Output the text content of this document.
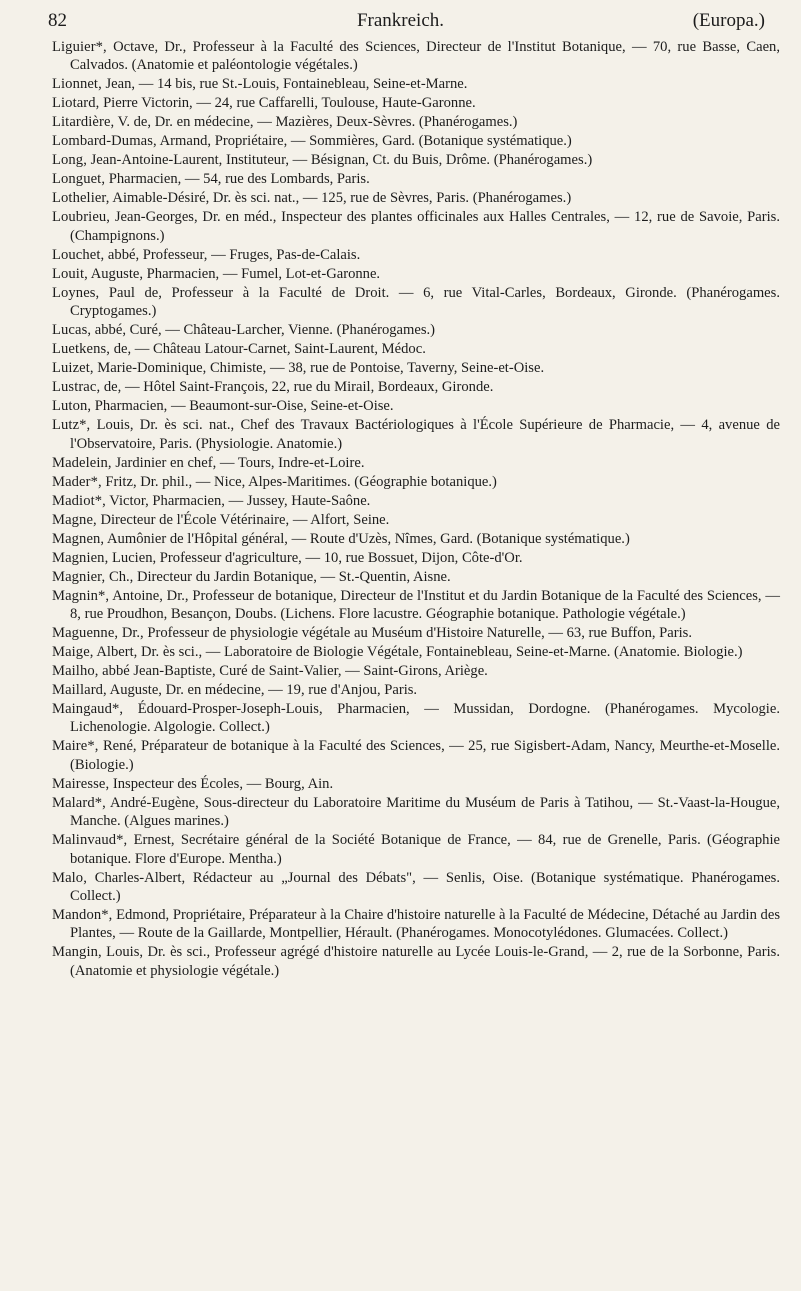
82	Frankreich.	(Europa.)

Liguier*, Octave, Dr., Professeur à la Faculté des Sciences, Directeur de l'Institut Botanique, — 70, rue Basse, Caen, Calvados. (Anatomie et paléontologie végétales.)

Lionnet, Jean, — 14 bis, rue St.-Louis, Fontainebleau, Seine-et-Marne.

Liotard, Pierre Victorin, — 24, rue Caffarelli, Toulouse, Haute-Garonne.

Litardière, V. de, Dr. en médecine, — Mazières, Deux-Sèvres. (Phanérogames.)

Lombard-Dumas, Armand, Propriétaire, — Sommières, Gard. (Botanique systématique.)

Long, Jean-Antoine-Laurent, Instituteur, — Bésignan, Ct. du Buis, Drôme. (Phanérogames.)

Longuet, Pharmacien, — 54, rue des Lombards, Paris.

Lothelier, Aimable-Désiré, Dr. ès sci. nat., — 125, rue de Sèvres, Paris. (Phanérogames.)

Loubrieu, Jean-Georges, Dr. en méd., Inspecteur des plantes officinales aux Halles Centrales, — 12, rue de Savoie, Paris. (Champignons.)

Louchet, abbé, Professeur, — Fruges, Pas-de-Calais.

Louit, Auguste, Pharmacien, — Fumel, Lot-et-Garonne.

Loynes, Paul de, Professeur à la Faculté de Droit. — 6, rue Vital-Carles, Bordeaux, Gironde. (Phanérogames. Cryptogames.)

Lucas, abbé, Curé, — Château-Larcher, Vienne. (Phanérogames.)

Luetkens, de, — Château Latour-Carnet, Saint-Laurent, Médoc.

Luizet, Marie-Dominique, Chimiste, — 38, rue de Pontoise, Taverny, Seine-et-Oise.

Lustrac, de, — Hôtel Saint-François, 22, rue du Mirail, Bordeaux, Gironde.

Luton, Pharmacien, — Beaumont-sur-Oise, Seine-et-Oise.

Lutz*, Louis, Dr. ès sci. nat., Chef des Travaux Bactériologiques à l'École Supérieure de Pharmacie, — 4, avenue de l'Observatoire, Paris. (Physiologie. Anatomie.)

Madelein, Jardinier en chef, — Tours, Indre-et-Loire.

Mader*, Fritz, Dr. phil., — Nice, Alpes-Maritimes. (Géographie botanique.)

Madiot*, Victor, Pharmacien, — Jussey, Haute-Saône.

Magne, Directeur de l'École Vétérinaire, — Alfort, Seine.

Magnen, Aumônier de l'Hôpital général, — Route d'Uzès, Nîmes, Gard. (Botanique systématique.)

Magnien, Lucien, Professeur d'agriculture, — 10, rue Bossuet, Dijon, Côte-d'Or.

Magnier, Ch., Directeur du Jardin Botanique, — St.-Quentin, Aisne.

Magnin*, Antoine, Dr., Professeur de botanique, Directeur de l'Institut et du Jardin Botanique de la Faculté des Sciences, — 8, rue Proudhon, Besançon, Doubs. (Lichens. Flore lacustre. Géographie botanique. Pathologie végétale.)

Maguenne, Dr., Professeur de physiologie végétale au Muséum d'Histoire Naturelle, — 63, rue Buffon, Paris.

Maige, Albert, Dr. ès sci., — Laboratoire de Biologie Végétale, Fontainebleau, Seine-et-Marne. (Anatomie. Biologie.)

Mailho, abbé Jean-Baptiste, Curé de Saint-Valier, — Saint-Girons, Ariège.

Maillard, Auguste, Dr. en médecine, — 19, rue d'Anjou, Paris.

Maingaud*, Édouard-Prosper-Joseph-Louis, Pharmacien, — Mussidan, Dordogne. (Phanérogames. Mycologie. Lichenologie. Algologie. Collect.)

Maire*, René, Préparateur de botanique à la Faculté des Sciences, — 25, rue Sigisbert-Adam, Nancy, Meurthe-et-Moselle. (Biologie.)

Mairesse, Inspecteur des Écoles, — Bourg, Ain.

Malard*, André-Eugène, Sous-directeur du Laboratoire Maritime du Muséum de Paris à Tatihou, — St.-Vaast-la-Hougue, Manche. (Algues marines.)

Malinvaud*, Ernest, Secrétaire général de la Société Botanique de France, — 84, rue de Grenelle, Paris. (Géographie botanique. Flore d'Europe. Mentha.)

Malo, Charles-Albert, Rédacteur au „Journal des Débats", — Senlis, Oise. (Botanique systématique. Phanérogames. Collect.)

Mandon*, Edmond, Propriétaire, Préparateur à la Chaire d'histoire naturelle à la Faculté de Médecine, Détaché au Jardin des Plantes, — Route de la Gaillarde, Montpellier, Hérault. (Phanérogames. Monocotylédones. Glumacées. Collect.)

Mangin, Louis, Dr. ès sci., Professeur agrégé d'histoire naturelle au Lycée Louis-le-Grand, — 2, rue de la Sorbonne, Paris. (Anatomie et physiologie végétale.)
